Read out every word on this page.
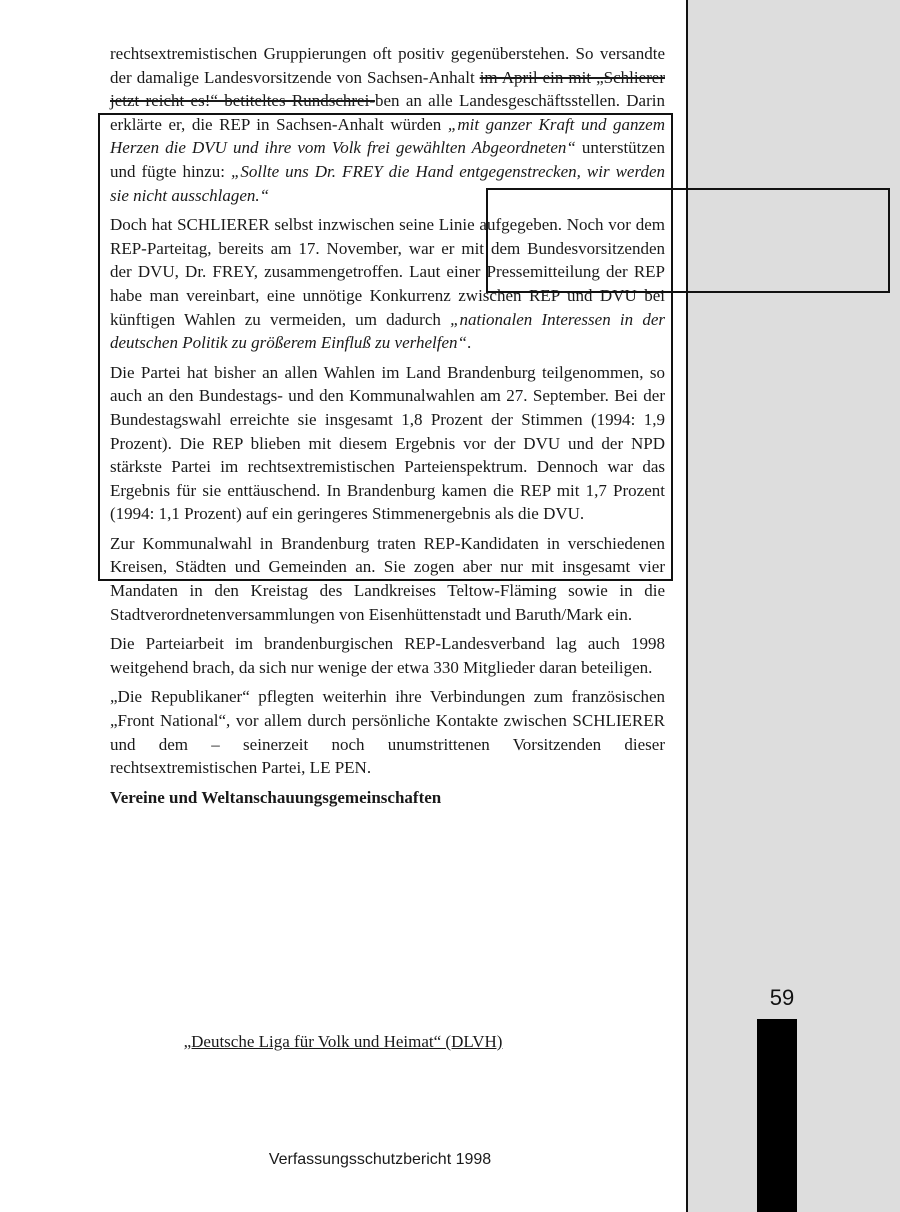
59

rechtsextremistischen Gruppierungen oft positiv gegenüberstehen. So versandte der damalige Landesvorsitzende von Sachsen-Anhalt im April ein mit „Schlierer jetzt reicht es!“ betiteltes Rundschrei-ben an alle Landesgeschäftsstellen. Darin erklärte er, die REP in Sachsen-Anhalt würden „mit ganzer Kraft und ganzem Herzen die DVU und ihre vom Volk frei gewählten Abgeordneten“ unterstützen und fügte hinzu: „Sollte uns Dr. FREY die Hand entgegenstrecken, wir werden sie nicht ausschlagen.“

Doch hat SCHLIERER selbst inzwischen seine Linie aufgegeben. Noch vor dem REP-Parteitag, bereits am 17. November, war er mit dem Bundesvorsitzenden der DVU, Dr. FREY, zusammengetroffen. Laut einer Pressemitteilung der REP habe man vereinbart, eine unnötige Konkurrenz zwischen REP und DVU bei künftigen Wahlen zu vermeiden, um dadurch „nationalen Interessen in der deutschen Politik zu größerem Einfluß zu verhelfen“.

Die Partei hat bisher an allen Wahlen im Land Brandenburg teilgenommen, so auch an den Bundestags- und den Kommunalwahlen am 27. September. Bei der Bundestagswahl erreichte sie insgesamt 1,8 Prozent der Stimmen (1994: 1,9 Prozent). Die REP blieben mit diesem Ergebnis vor der DVU und der NPD stärkste Partei im rechtsextremistischen Parteienspektrum. Dennoch war das Ergebnis für sie enttäuschend. In Brandenburg kamen die REP mit 1,7 Prozent (1994: 1,1 Prozent) auf ein geringeres Stimmenergebnis als die DVU.

Zur Kommunalwahl in Brandenburg traten REP-Kandidaten in verschiedenen Kreisen, Städten und Gemeinden an. Sie zogen aber nur mit insgesamt vier Mandaten in den Kreistag des Landkreises Teltow-Fläming sowie in die Stadtverordnetenversammlungen von Eisenhüttenstadt und Baruth/Mark ein.

Die Parteiarbeit im brandenburgischen REP-Landesverband lag auch 1998 weitgehend brach, da sich nur wenige der etwa 330 Mitglieder daran beteiligen.

„Die Republikaner“ pflegten weiterhin ihre Verbindungen zum französischen „Front National“, vor allem durch persönliche Kontakte zwischen SCHLIERER und dem – seinerzeit noch unumstrittenen Vorsitzenden dieser rechtsextremistischen Partei, LE PEN.

Vereine und Weltanschauungsgemeinschaften

„Deutsche Liga für Volk und Heimat“ (DLVH)
Verfassungsschutzbericht 1998
